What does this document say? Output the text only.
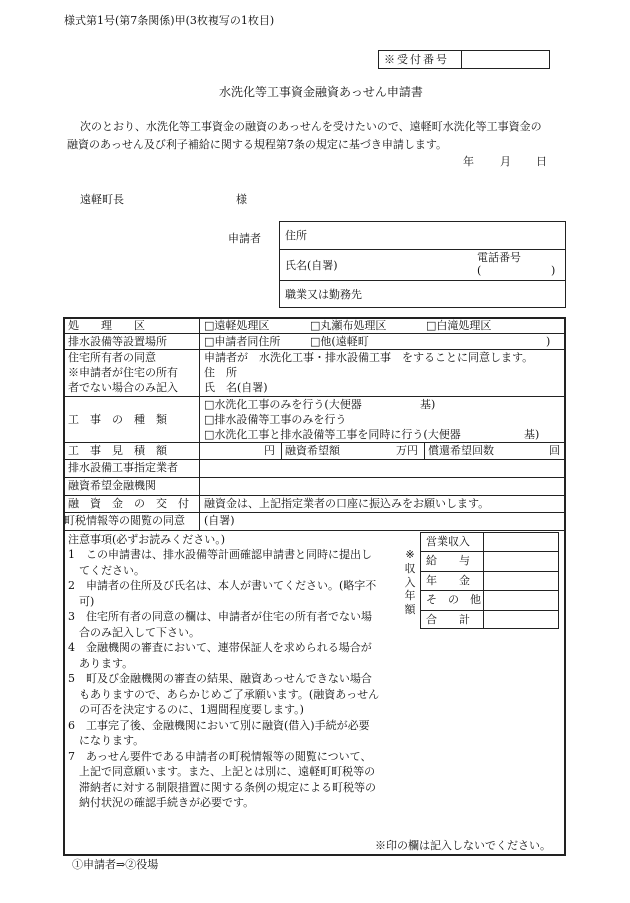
様式第1号(第7条関係)甲(3枚複写の1枚目)
※受付番号
水洗化等工事資金融資あっせん申請書
次のとおり、水洗化等工事資金の融資のあっせんを受けたいので、遠軽町水洗化等工事資金の
融資のあっせん及び利子補給に関する規程第7条の規定に基づき申請します。
年 月 日
遠軽町長	様
申請者 住所
氏名(自署)
電話番号
(	)
職業又は勤務先
処　　理　　区	□ 遠軽処理区	□ 丸瀬布処理区	□ 白滝処理区
排水設備等設置場所	□ 申請者同住所	□ 他(遠軽町	)
住宅所有者の同意
※申請者が住宅の所有
者でない場合のみ記入
申請者が　水洗化工事・排水設備工事　をすることに同意します。
住　所
氏　名(自署)
工　事　の　種　類
□ 水洗化工事のみを行う(大便器	基)
□ 排水設備等工事のみを行う
□ 水洗化工事と排水設備等工事を同時に行う(大便器	基)
工　事　見　積　額	円 融資希望額	万円 償還希望回数	回
排水設備工事指定業者
融資希望金融機関
融　資　金　の　交　付 融資金は、上記指定業者の口座に振込みをお願いします。
町税情報等の閲覧の同意 (自署)
注意事項(必ずお読みください。)
1　この申請書は、排水設備等計画確認申請書と同時に提出し
　てください。
2　申請者の住所及び氏名は、本人が書いてください。(略字不
　可)
3　住宅所有者の同意の欄は、申請者が住宅の所有者でない場
　合のみ記入して下さい。
4　金融機関の審査において、連帯保証人を求められる場合が
　あります。
5　町及び金融機関の審査の結果、融資あっせんできない場合
　もありますので、あらかじめご了承願います。(融資あっせん
　の可否を決定するのに、1週間程度要します。)
6　工事完了後、金融機関において別に融資(借入)手続が必要
　になります。
7　あっせん要件である申請者の町税情報等の閲覧について、
　上記で同意願います。また、上記とは別に、遠軽町町税等の
　滞納者に対する制限措置に関する条例の規定による町税等の
　納付状況の確認手続きが必要です。
※印の欄は記入しないでください。
営業収入
給　　与
年　　金
そ　の　他
合　　計
※
収
入
年
額
①申請者⇒②役場
